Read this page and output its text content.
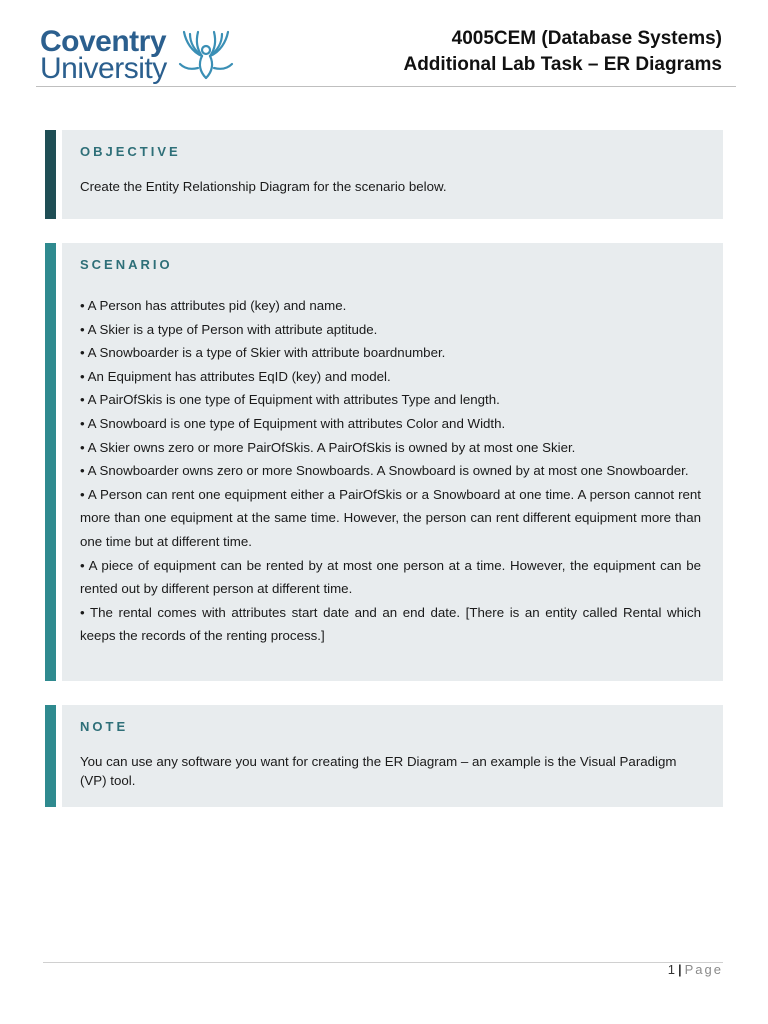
Coventry
University
4005CEM (Database Systems)
Additional Lab Task – ER Diagrams
OBJECTIVE
Create the Entity Relationship Diagram for the scenario below.
SCENARIO
• A Person has attributes pid (key) and name.
• A Skier is a type of Person with attribute aptitude.
• A Snowboarder is a type of Skier with attribute boardnumber.
• An Equipment has attributes EqID (key) and model.
• A PairOfSkis is one type of Equipment with attributes Type and length.
• A Snowboard is one type of Equipment with attributes Color and Width.
• A Skier owns zero or more PairOfSkis. A PairOfSkis is owned by at most one Skier.
• A Snowboarder owns zero or more Snowboards. A Snowboard is owned by at most one Snowboarder.
• A Person can rent one equipment either a PairOfSkis or a Snowboard at one time. A person cannot rent more than one equipment at the same time. However, the person can rent different equipment more than one time but at different time.
• A piece of equipment can be rented by at most one person at a time. However, the equipment can be rented out by different person at different time.
• The rental comes with attributes start date and an end date. [There is an entity called Rental which keeps the records of the renting process.]
NOTE
You can use any software you want for creating the ER Diagram – an example is the Visual Paradigm (VP) tool.
1 | Page
